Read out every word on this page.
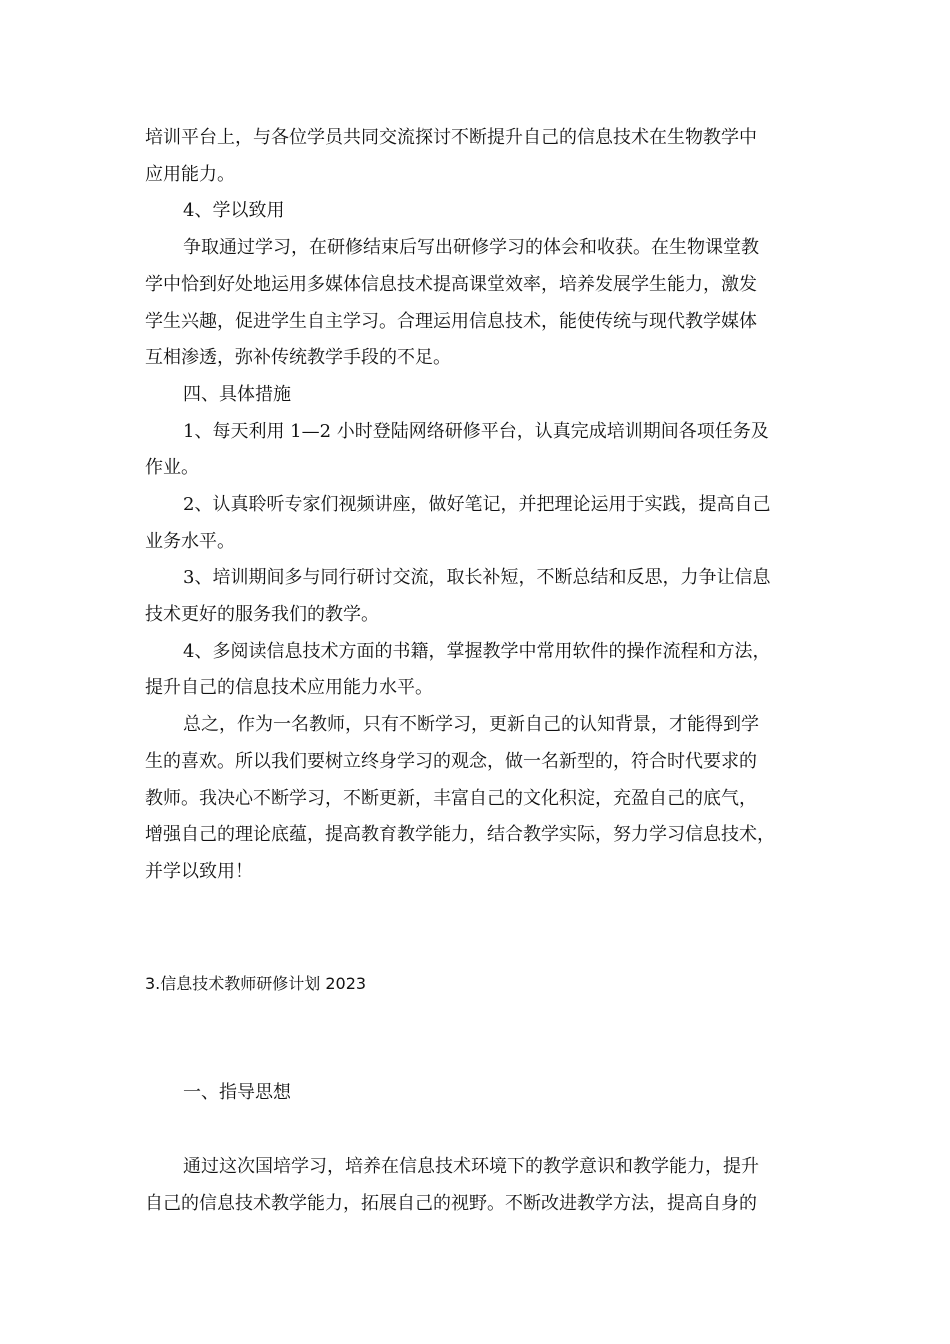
培训平台上，与各位学员共同交流探讨不断提升自己的信息技术在生物教学中
应用能力。
4、学以致用
争取通过学习，在研修结束后写出研修学习的体会和收获。在生物课堂教
学中恰到好处地运用多媒体信息技术提高课堂效率，培养发展学生能力，激发
学生兴趣，促进学生自主学习。合理运用信息技术，能使传统与现代教学媒体
互相渗透，弥补传统教学手段的不足。
四、具体措施
1、每天利用 1—2 小时登陆网络研修平台，认真完成培训期间各项任务及
作业。
2、认真聆听专家们视频讲座，做好笔记，并把理论运用于实践，提高自己
业务水平。
3、培训期间多与同行研讨交流，取长补短，不断总结和反思，力争让信息
技术更好的服务我们的教学。
4、多阅读信息技术方面的书籍，掌握教学中常用软件的操作流程和方法，
提升自己的信息技术应用能力水平。
总之，作为一名教师，只有不断学习，更新自己的认知背景，才能得到学
生的喜欢。所以我们要树立终身学习的观念，做一名新型的，符合时代要求的
教师。我决心不断学习，不断更新，丰富自己的文化积淀，充盈自己的底气，
增强自己的理论底蕴，提高教育教学能力，结合教学实际，努力学习信息技术，
并学以致用！
3.信息技术教师研修计划 2023
一、指导思想
通过这次国培学习，培养在信息技术环境下的教学意识和教学能力，提升
自己的信息技术教学能力，拓展自己的视野。不断改进教学方法，提高自身的
